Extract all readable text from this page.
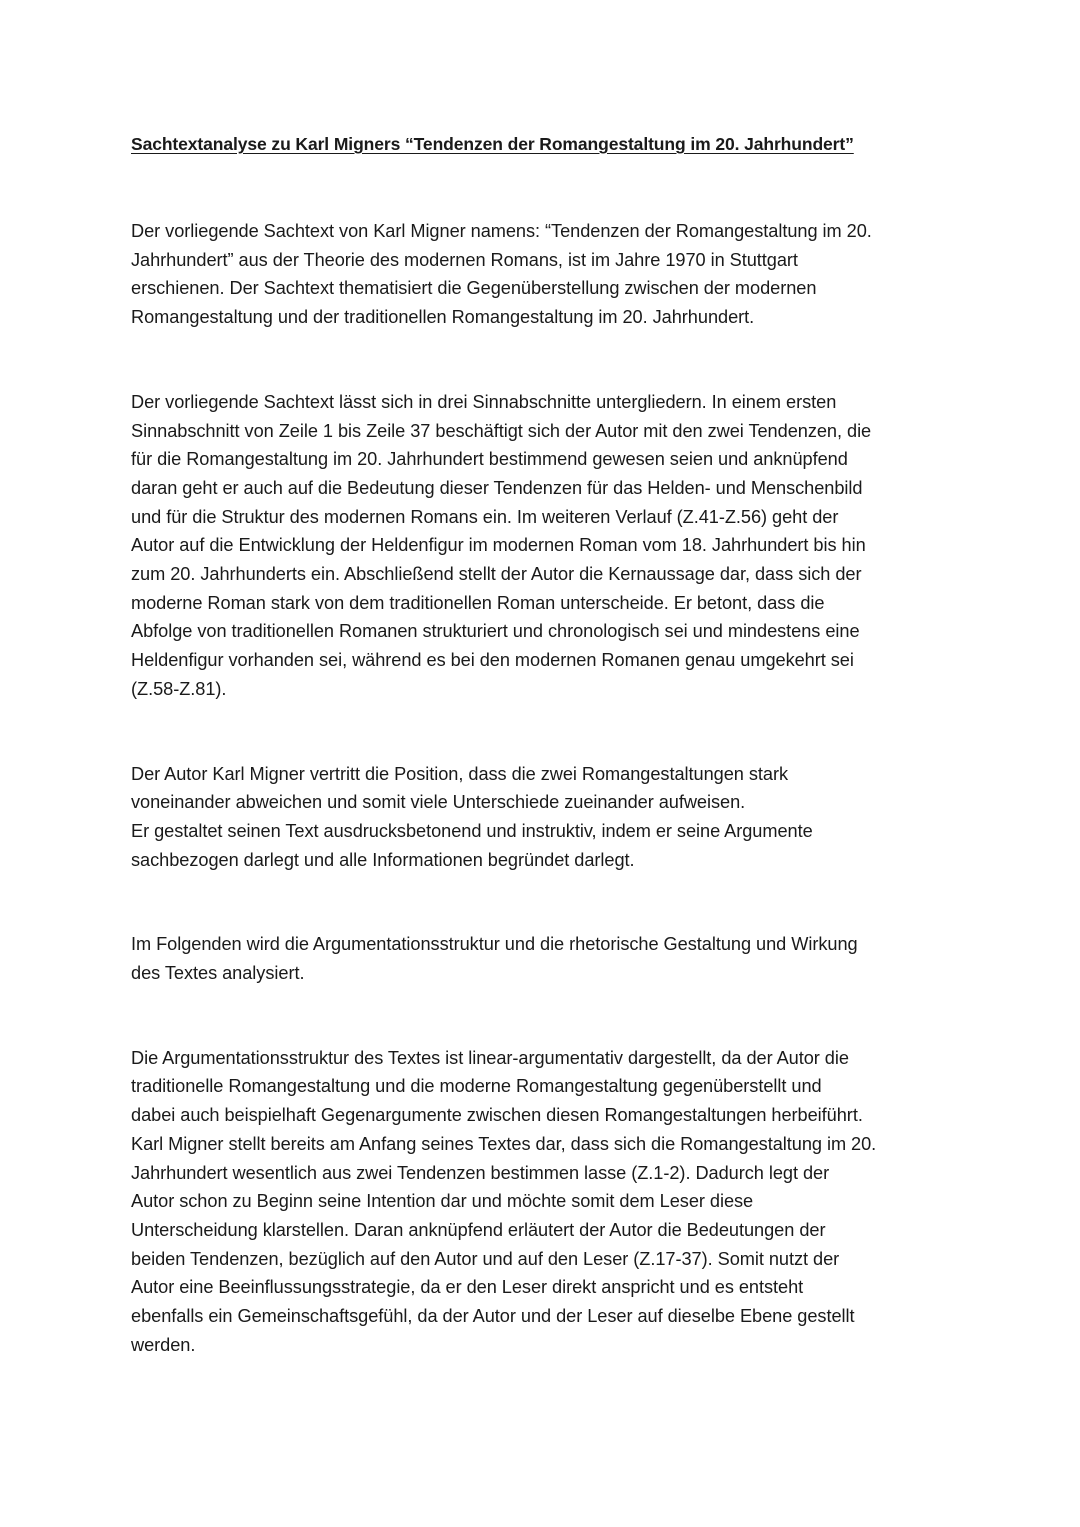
Sachtextanalyse zu Karl Migners “Tendenzen der Romangestaltung im 20. Jahrhundert”

Der vorliegende Sachtext von Karl Migner namens: “Tendenzen der Romangestaltung im 20.
Jahrhundert” aus der Theorie des modernen Romans, ist im Jahre 1970 in Stuttgart
erschienen. Der Sachtext thematisiert die Gegenüberstellung zwischen der modernen
Romangestaltung und der traditionellen Romangestaltung im 20. Jahrhundert.

Der vorliegende Sachtext lässt sich in drei Sinnabschnitte untergliedern. In einem ersten
Sinnabschnitt von Zeile 1 bis Zeile 37 beschäftigt sich der Autor mit den zwei Tendenzen, die
für die Romangestaltung im 20. Jahrhundert bestimmend gewesen seien und anknüpfend
daran geht er auch auf die Bedeutung dieser Tendenzen für das Helden- und Menschenbild
und für die Struktur des modernen Romans ein. Im weiteren Verlauf (Z.41-Z.56) geht der
Autor auf die Entwicklung der Heldenfigur im modernen Roman vom 18. Jahrhundert bis hin
zum 20. Jahrhunderts ein. Abschließend stellt der Autor die Kernaussage dar, dass sich der
moderne Roman stark von dem traditionellen Roman unterscheide. Er betont, dass die
Abfolge von traditionellen Romanen strukturiert und chronologisch sei und mindestens eine
Heldenfigur vorhanden sei, während es bei den modernen Romanen genau umgekehrt sei
(Z.58-Z.81).

Der Autor Karl Migner vertritt die Position, dass die zwei Romangestaltungen stark
voneinander abweichen und somit viele Unterschiede zueinander aufweisen.
Er gestaltet seinen Text ausdrucksbetonend und instruktiv, indem er seine Argumente
sachbezogen darlegt und alle Informationen begründet darlegt.

Im Folgenden wird die Argumentationsstruktur und die rhetorische Gestaltung und Wirkung
des Textes analysiert.

Die Argumentationsstruktur des Textes ist linear-argumentativ dargestellt, da der Autor die
traditionelle Romangestaltung und die moderne Romangestaltung gegenüberstellt und
dabei auch beispielhaft Gegenargumente zwischen diesen Romangestaltungen herbeiführt.
Karl Migner stellt bereits am Anfang seines Textes dar, dass sich die Romangestaltung im 20.
Jahrhundert wesentlich aus zwei Tendenzen bestimmen lasse (Z.1-2). Dadurch legt der
Autor schon zu Beginn seine Intention dar und möchte somit dem Leser diese
Unterscheidung klarstellen. Daran anknüpfend erläutert der Autor die Bedeutungen der
beiden Tendenzen, bezüglich auf den Autor und auf den Leser (Z.17-37). Somit nutzt der
Autor eine Beeinflussungsstrategie, da er den Leser direkt anspricht und es entsteht
ebenfalls ein Gemeinschaftsgefühl, da der Autor und der Leser auf dieselbe Ebene gestellt
werden.
